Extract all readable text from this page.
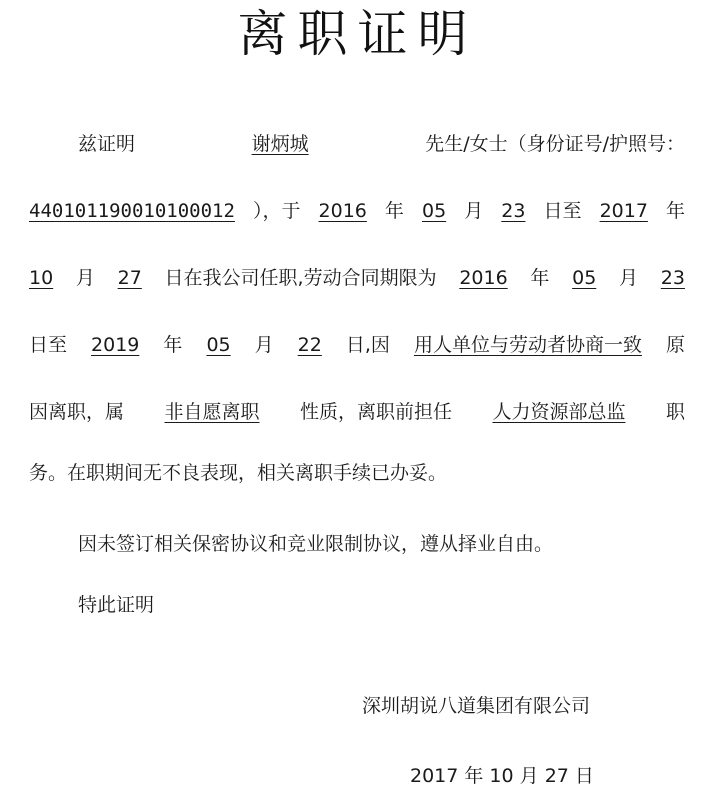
离职证明
兹证明	谢炳城	先生/女士（身份证号/护照号：
440101190010100012 ），于 2016 年 05 月 23 日至 2017 年
10 月 27 日在我公司任职,劳动合同期限为 2016 年 05 月 23
日至 2019 年 05 月 22 日,因 用人单位与劳动者协商一致 原
因离职，属 非自愿离职 性质，离职前担任 人力资源部总监 职
务。在职期间无不良表现，相关离职手续已办妥。
因未签订相关保密协议和竞业限制协议，遵从择业自由。
特此证明
深圳胡说八道集团有限公司
2017 年 10 月 27 日
